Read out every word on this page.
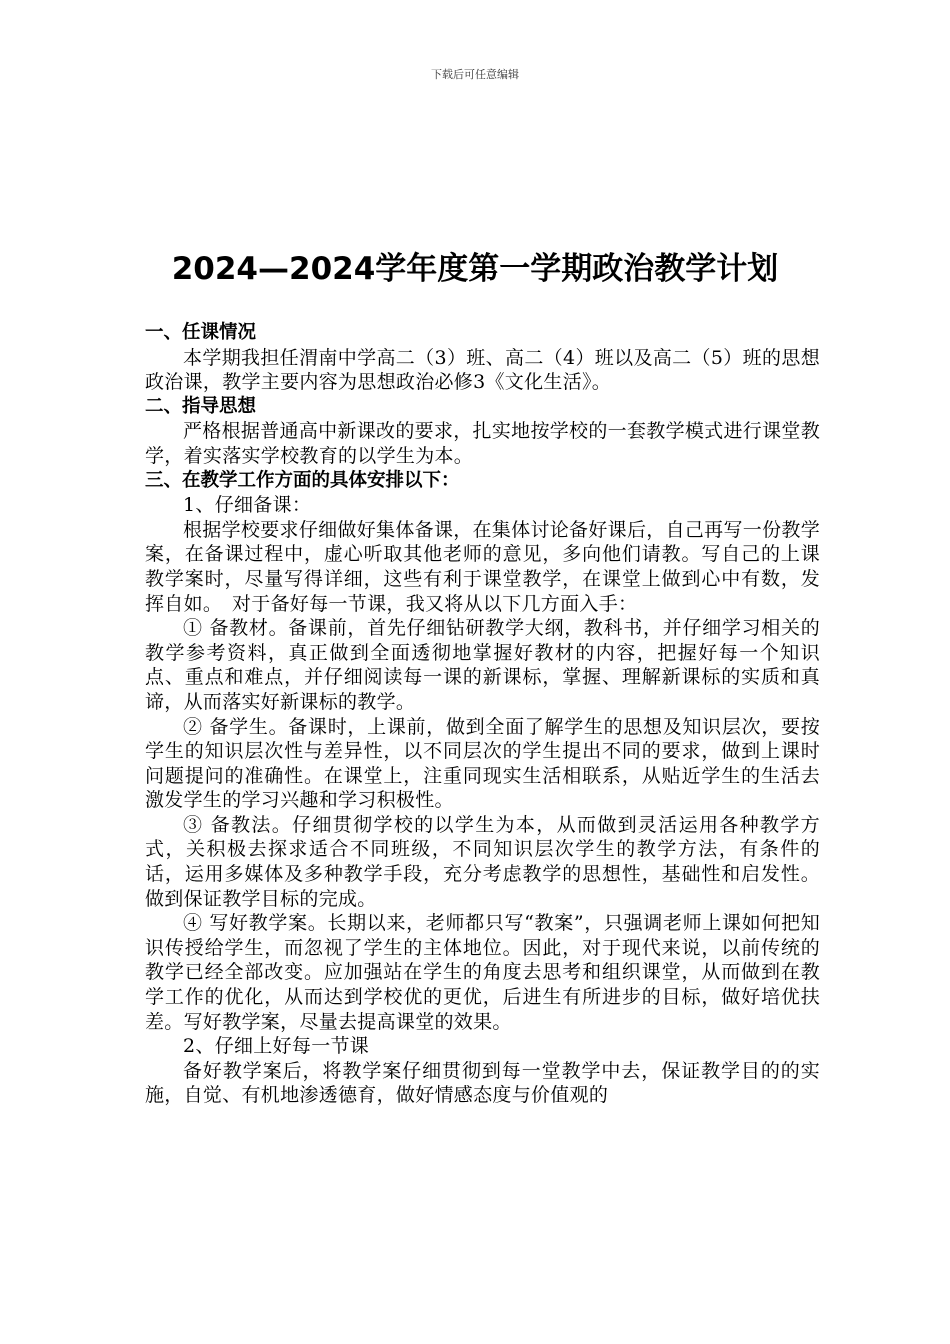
下载后可任意编辑
2024—2024学年度第一学期政治教学计划

一、任课情况

本学期我担任渭南中学高二（3）班、高二（4）班以及高二（5）班的思想政治课，教学主要内容为思想政治必修3《文化生活》。

二、指导思想

严格根据普通高中新课改的要求，扎实地按学校的一套教学模式进行课堂教学，着实落实学校教育的以学生为本。

三、在教学工作方面的具体安排以下：

1、仔细备课：

根据学校要求仔细做好集体备课，在集体讨论备好课后，自己再写一份教学案，在备课过程中，虚心听取其他老师的意见，多向他们请教。写自己的上课教学案时，尽量写得详细，这些有利于课堂教学，在课堂上做到心中有数，发挥自如。　对于备好每一节课，我又将从以下几方面入手：

① 备教材。备课前，首先仔细钻研教学大纲，教科书，并仔细学习相关的教学参考资料，真正做到全面透彻地掌握好教材的内容，把握好每一个知识点、重点和难点，并仔细阅读每一课的新课标，掌握、理解新课标的实质和真谛，从而落实好新课标的教学。

② 备学生。备课时，上课前，做到全面了解学生的思想及知识层次，要按学生的知识层次性与差异性，以不同层次的学生提出不同的要求，做到上课时问题提问的准确性。在课堂上，注重同现实生活相联系，从贴近学生的生活去激发学生的学习兴趣和学习积极性。

③ 备教法。仔细贯彻学校的以学生为本，从而做到灵活运用各种教学方式，关积极去探求适合不同班级，不同知识层次学生的教学方法，有条件的话，运用多媒体及多种教学手段，充分考虑教学的思想性，基础性和启发性。做到保证教学目标的完成。

④ 写好教学案。长期以来，老师都只写“教案”，只强调老师上课如何把知识传授给学生，而忽视了学生的主体地位。因此，对于现代来说，以前传统的教学已经全部改变。应加强站在学生的角度去思考和组织课堂，从而做到在教学工作的优化，从而达到学校优的更优，后进生有所进步的目标，做好培优扶差。写好教学案，尽量去提高课堂的效果。

2、仔细上好每一节课

备好教学案后，将教学案仔细贯彻到每一堂教学中去，保证教学目的的实施，自觉、有机地渗透德育，做好情感态度与价值观的
